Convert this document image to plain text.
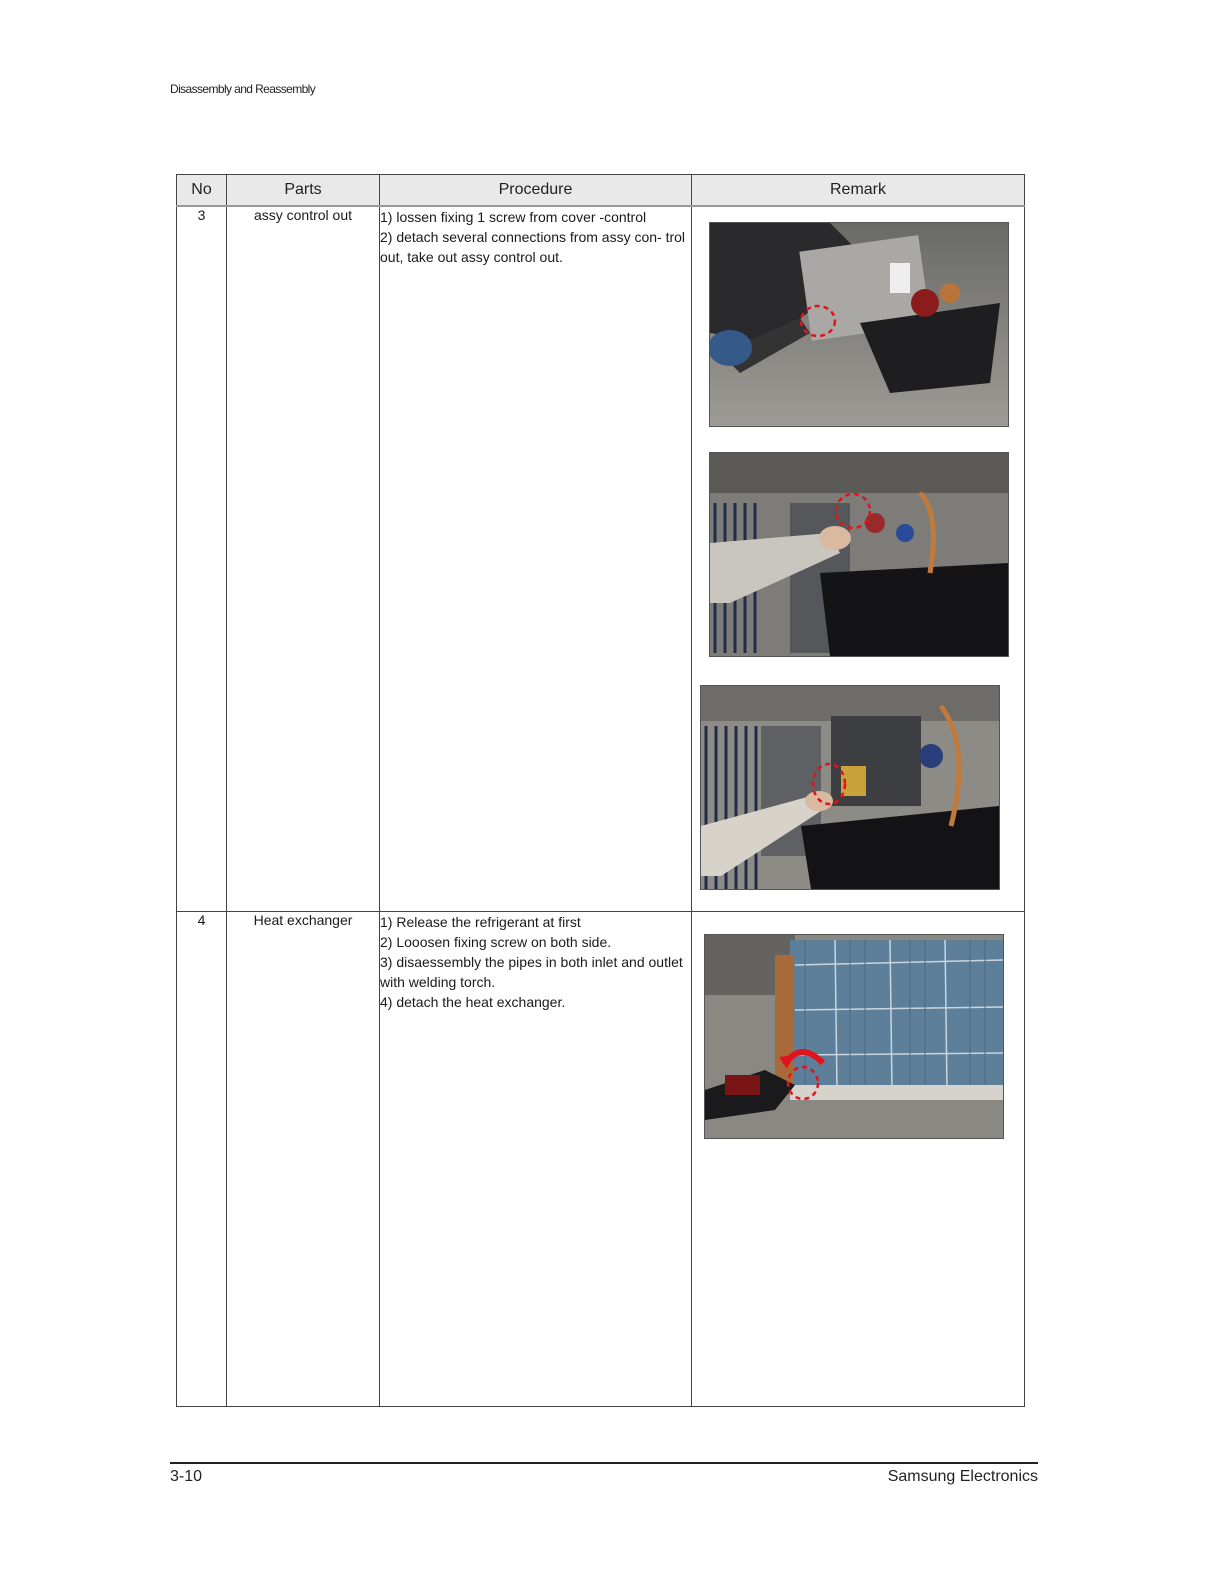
Disassembly and Reassembly
No	Parts	Procedure	Remark
3	assy control out	1) lossen fixing 1 screw from cover -control
2) detach several connections from assy con- trol out, take out assy control out.

4	Heat exchanger	1) Release the refrigerant at first
2) Looosen fixing screw on both side.
3) disaessembly the pipes in both inlet and outlet with welding torch.
4) detach the heat exchanger.

3-10	Samsung Electronics
